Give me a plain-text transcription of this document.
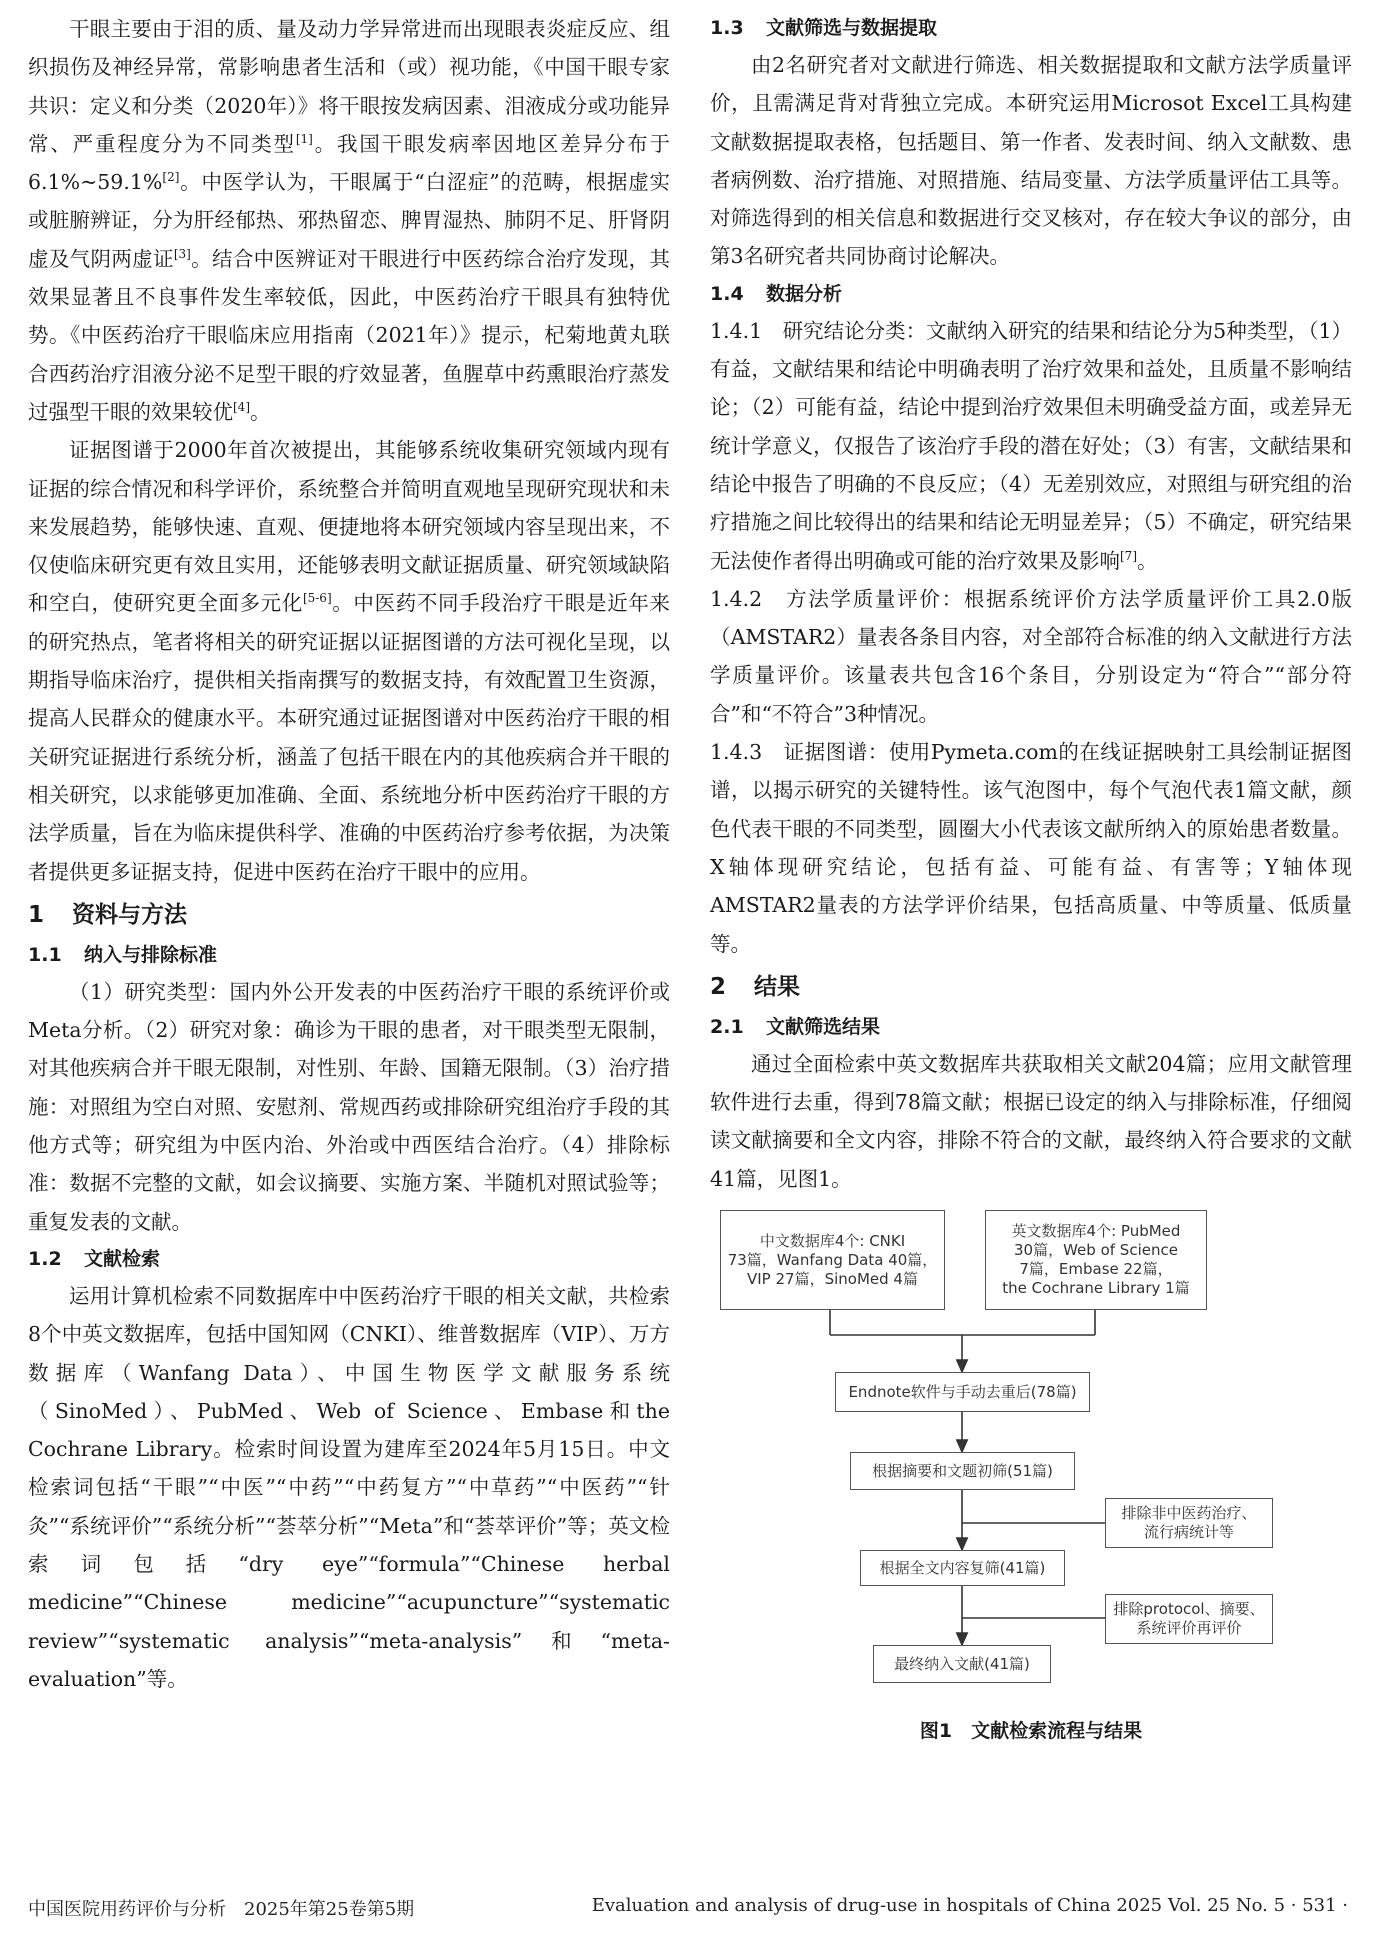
干眼主要由于泪的质、量及动力学异常进而出现眼表炎症反应、组织损伤及神经异常，常影响患者生活和（或）视功能，《中国干眼专家共识：定义和分类（2020年）》将干眼按发病因素、泪液成分或功能异常、严重程度分为不同类型[1]。我国干眼发病率因地区差异分布于6.1%~59.1%[2]。中医学认为，干眼属于“白涩症”的范畴，根据虚实或脏腑辨证，分为肝经郁热、邪热留恋、脾胃湿热、肺阴不足、肝肾阴虚及气阴两虚证[3]。结合中医辨证对干眼进行中医药综合治疗发现，其效果显著且不良事件发生率较低，因此，中医药治疗干眼具有独特优势。《中医药治疗干眼临床应用指南（2021年）》提示，杞菊地黄丸联合西药治疗泪液分泌不足型干眼的疗效显著，鱼腥草中药熏眼治疗蒸发过强型干眼的效果较优[4]。

证据图谱于2000年首次被提出，其能够系统收集研究领域内现有证据的综合情况和科学评价，系统整合并简明直观地呈现研究现状和未来发展趋势，能够快速、直观、便捷地将本研究领域内容呈现出来，不仅使临床研究更有效且实用，还能够表明文献证据质量、研究领域缺陷和空白，使研究更全面多元化[5-6]。中医药不同手段治疗干眼是近年来的研究热点，笔者将相关的研究证据以证据图谱的方法可视化呈现，以期指导临床治疗，提供相关指南撰写的数据支持，有效配置卫生资源，提高人民群众的健康水平。本研究通过证据图谱对中医药治疗干眼的相关研究证据进行系统分析，涵盖了包括干眼在内的其他疾病合并干眼的相关研究，以求能够更加准确、全面、系统地分析中医药治疗干眼的方法学质量，旨在为临床提供科学、准确的中医药治疗参考依据，为决策者提供更多证据支持，促进中医药在治疗干眼中的应用。

1 资料与方法
1.1 纳入与排除标准

（1）研究类型：国内外公开发表的中医药治疗干眼的系统评价或Meta分析。（2）研究对象：确诊为干眼的患者，对干眼类型无限制，对其他疾病合并干眼无限制，对性别、年龄、国籍无限制。（3）治疗措施：对照组为空白对照、安慰剂、常规西药或排除研究组治疗手段的其他方式等；研究组为中医内治、外治或中西医结合治疗。（4）排除标准：数据不完整的文献，如会议摘要、实施方案、半随机对照试验等；重复发表的文献。

1.2 文献检索

运用计算机检索不同数据库中中医药治疗干眼的相关文献，共检索8个中英文数据库，包括中国知网（CNKI）、维普数据库（VIP）、万方数据库（Wanfang Data）、中国生物医学文献服务系统（SinoMed）、PubMed、Web of Science、Embase和the Cochrane Library。检索时间设置为建库至2024年5月15日。中文检索词包括“干眼”“中医”“中药”“中药复方”“中草药”“中医药”“针灸”“系统评价”“系统分析”“荟萃分析”“Meta”和“荟萃评价”等；英文检索词包括“dry eye”“formula”“Chinese herbal medicine”“Chinese medicine”“acupuncture”“systematic review”“systematic analysis”“meta-analysis”和“meta-evaluation”等。

1.3 文献筛选与数据提取

由2名研究者对文献进行筛选、相关数据提取和文献方法学质量评价，且需满足背对背独立完成。本研究运用Microsot Excel工具构建文献数据提取表格，包括题目、第一作者、发表时间、纳入文献数、患者病例数、治疗措施、对照措施、结局变量、方法学质量评估工具等。对筛选得到的相关信息和数据进行交叉核对，存在较大争议的部分，由第3名研究者共同协商讨论解决。

1.4 数据分析

1.4.1　研究结论分类：文献纳入研究的结果和结论分为5种类型，（1）有益，文献结果和结论中明确表明了治疗效果和益处，且质量不影响结论；（2）可能有益，结论中提到治疗效果但未明确受益方面，或差异无统计学意义，仅报告了该治疗手段的潜在好处；（3）有害，文献结果和结论中报告了明确的不良反应；（4）无差别效应，对照组与研究组的治疗措施之间比较得出的结果和结论无明显差异；（5）不确定，研究结果无法使作者得出明确或可能的治疗效果及影响[7]。

1.4.2　方法学质量评价：根据系统评价方法学质量评价工具2.0版（AMSTAR2）量表各条目内容，对全部符合标准的纳入文献进行方法学质量评价。该量表共包含16个条目，分别设定为“符合”“部分符合”和“不符合”3种情况。

1.4.3　证据图谱：使用Pymeta.com的在线证据映射工具绘制证据图谱，以揭示研究的关键特性。该气泡图中，每个气泡代表1篇文献，颜色代表干眼的不同类型，圆圈大小代表该文献所纳入的原始患者数量。X轴体现研究结论，包括有益、可能有益、有害等；Y轴体现AMSTAR2量表的方法学评价结果，包括高质量、中等质量、低质量等。

2 结果
2.1 文献筛选结果

通过全面检索中英文数据库共获取相关文献204篇；应用文献管理软件进行去重，得到78篇文献；根据已设定的纳入与排除标准，仔细阅读文献摘要和全文内容，排除不符合的文献，最终纳入符合要求的文献41篇，见图1。

中文数据库4个: CNKI
73篇，Wanfang Data 40篇，
VIP 27篇，SinoMed 4篇
英文数据库4个: PubMed
30篇，Web of Science
7篇，Embase 22篇，
the Cochrane Library 1篇
Endnote软件与手动去重后(78篇)
根据摘要和文题初筛(51篇)
排除非中医药治疗、
流行病统计等
根据全文内容复筛(41篇)
排除protocol、摘要、
系统评价再评价
最终纳入文献(41篇)
图1　文献检索流程与结果
中国医院用药评价与分析　2025年第25卷第5期	Evaluation and analysis of drug-use in hospitals of China 2025 Vol. 25 No. 5 · 531 ·
